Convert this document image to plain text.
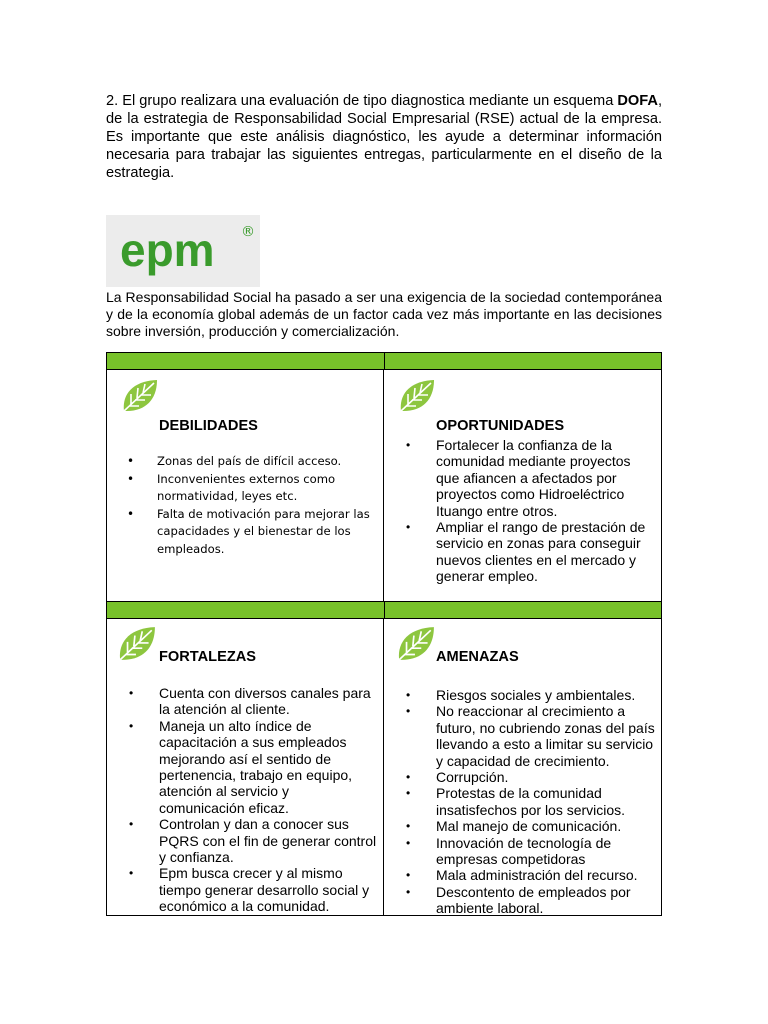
2. El grupo realizara una evaluación de tipo diagnostica mediante un esquema DOFA, de la estrategia de Responsabilidad Social Empresarial (RSE) actual de la empresa. Es importante que este análisis diagnóstico, les ayude a determinar información necesaria para trabajar las siguientes entregas, particularmente en el diseño de la estrategia.
epm ®
La Responsabilidad Social ha pasado a ser una exigencia de la sociedad contemporánea y de la economía global además de un factor cada vez más importante en las decisiones sobre inversión, producción y comercialización.
DEBILIDADES
• Zonas del país de difícil acceso.
• Inconvenientes externos como normatividad, leyes etc.
• Falta de motivación para mejorar las capacidades y el bienestar de los empleados.
OPORTUNIDADES
• Fortalecer la confianza de la comunidad mediante proyectos que afiancen a afectados por proyectos como Hidroeléctrico Ituango entre otros.
• Ampliar el rango de prestación de servicio en zonas para conseguir nuevos clientes en el mercado y generar empleo.
FORTALEZAS
• Cuenta con diversos canales para la atención al cliente.
• Maneja un alto índice de capacitación a sus empleados mejorando así el sentido de pertenencia, trabajo en equipo, atención al servicio y comunicación eficaz.
• Controlan y dan a conocer sus PQRS con el fin de generar control y confianza.
• Epm busca crecer y al mismo tiempo generar desarrollo social y económico a la comunidad.
AMENAZAS
• Riesgos sociales y ambientales.
• No reaccionar al crecimiento a futuro, no cubriendo zonas del país llevando a esto a limitar su servicio y capacidad de crecimiento.
• Corrupción.
• Protestas de la comunidad insatisfechos por los servicios.
• Mal manejo de comunicación.
• Innovación de tecnología de empresas competidoras
• Mala administración del recurso.
• Descontento de empleados por ambiente laboral.
